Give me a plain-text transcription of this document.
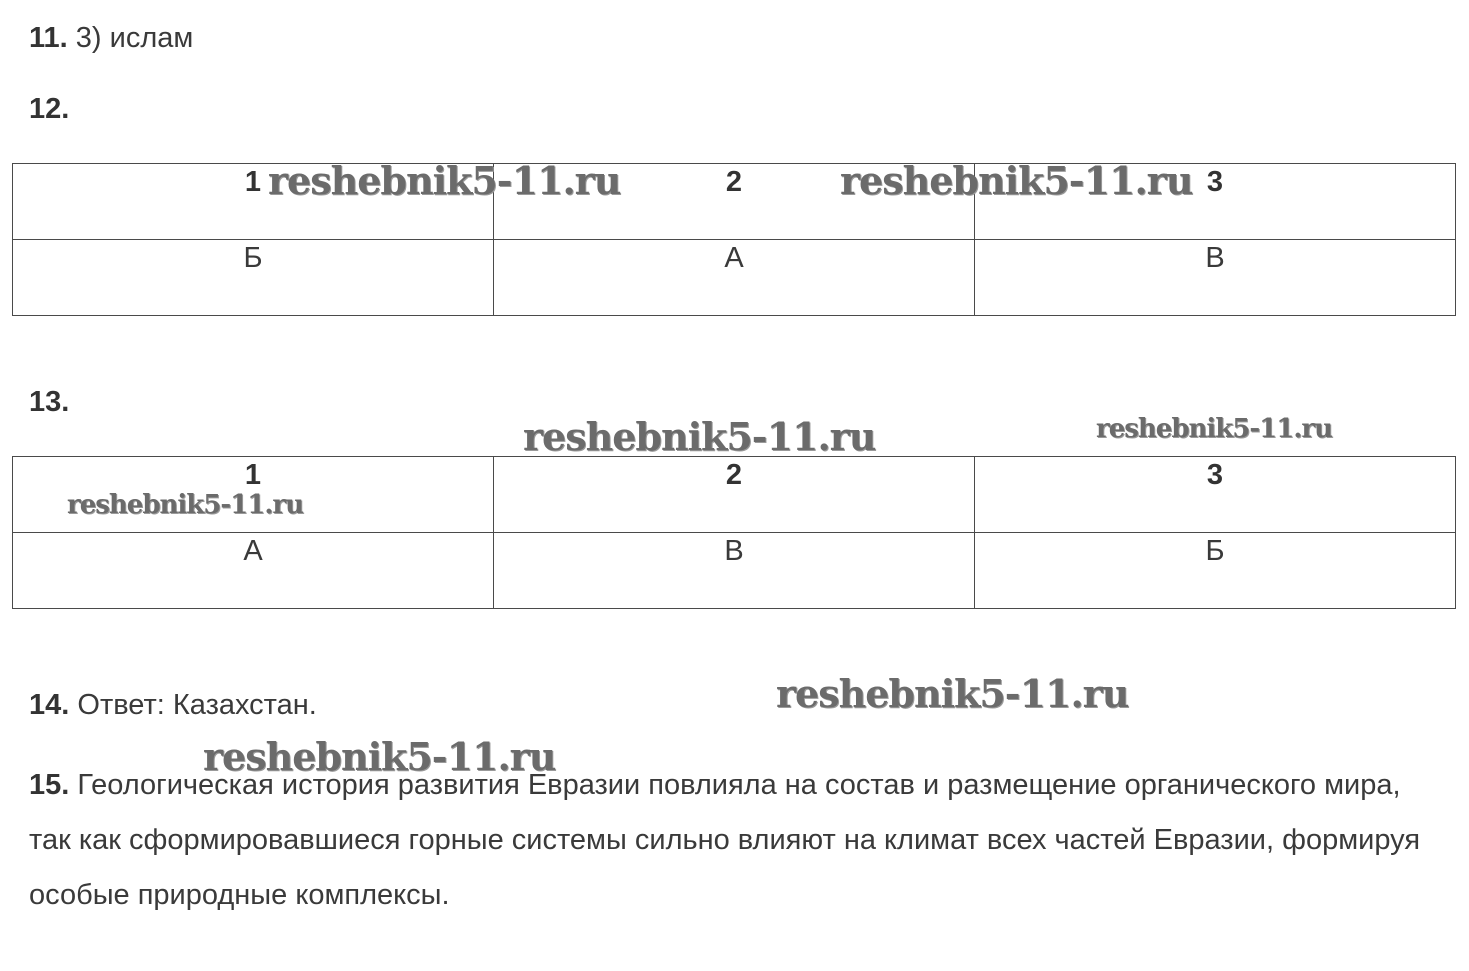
11. 3) ислам
12.
1	2	3
Б	А	В
13.
1	2	3
А	В	Б
14. Ответ: Казахстан.
15. Геологическая история развития Евразии повлияла на состав и размещение органического мира, так как сформировавшиеся горные системы сильно влияют на климат всех частей Евразии, формируя особые природные комплексы.
reshebnik5-11.ru	reshebnik5-11.ru
reshebnik5-11.ru	reshebnik5-11.ru
reshebnik5-11.ru
reshebnik5-11.ru
reshebnik5-11.ru
